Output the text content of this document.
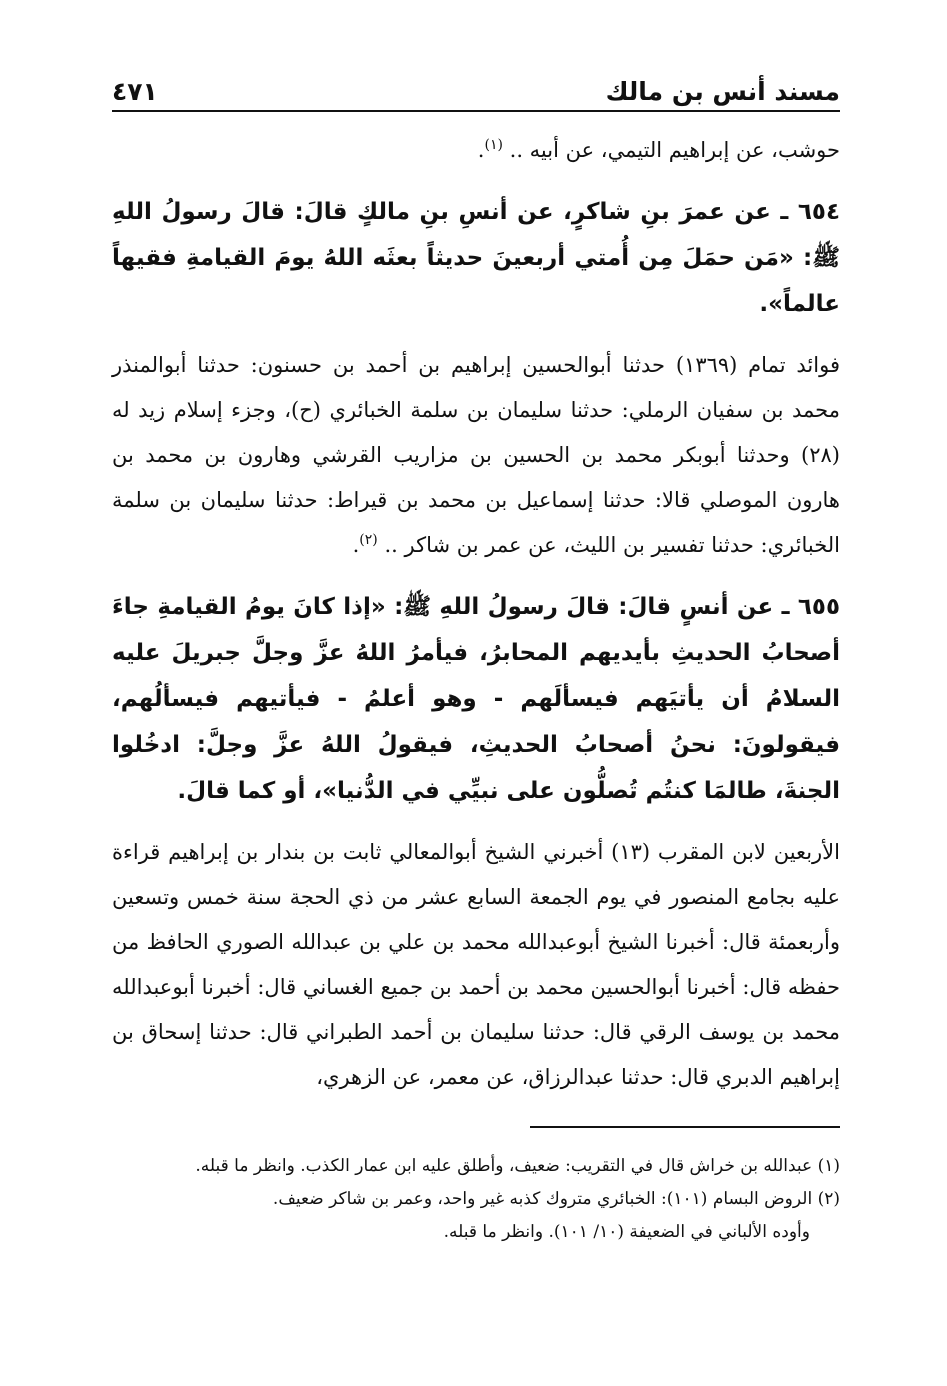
مسند أنس بن مالك
٤٧١

حوشب، عن إبراهيم التيمي، عن أبيه .. $^{(١)}$.

٦٥٤ ـ عن عمرَ بنِ شاكرٍ، عن أنسِ بنِ مالكٍ قالَ: قالَ رسولُ اللهِ ﷺ: «مَن حمَلَ مِن أُمتي أربعينَ حديثاً بعثَه اللهُ يومَ القيامةِ فقيهاً عالماً».

فوائد تمام (١٣٦٩) حدثنا أبوالحسين إبراهيم بن أحمد بن حسنون: حدثنا أبوالمنذر محمد بن سفيان الرملي: حدثنا سليمان بن سلمة الخبائري (ح)، وجزء إسلام زيد له (٢٨) وحدثنا أبوبكر محمد بن الحسين بن مزاريب القرشي وهارون بن محمد بن هارون الموصلي قالا: حدثنا إسماعيل بن محمد بن قيراط: حدثنا سليمان بن سلمة الخبائري: حدثنا تفسير بن الليث، عن عمر بن شاكر .. $^{(٢)}$.

٦٥٥ ـ عن أنسٍ قالَ: قالَ رسولُ اللهِ ﷺ: «إذا كانَ يومُ القيامةِ جاءَ أصحابُ الحديثِ بأيديهم المحابرُ، فيأمرُ اللهُ عزَّ وجلَّ جبريلَ عليه السلامُ أن يأتيَهم فيسألَهم - وهو أعلمُ - فيأتيهم فيسألُهم، فيقولونَ: نحنُ أصحابُ الحديثِ، فيقولُ اللهُ عزَّ وجلَّ: ادخُلوا الجنةَ، طالمَا كنتُم تُصلُّون على نبيِّي في الدُّنيا»، أو كما قالَ.

الأربعين لابن المقرب (١٣) أخبرني الشيخ أبوالمعالي ثابت بن بندار بن إبراهيم قراءة عليه بجامع المنصور في يوم الجمعة السابع عشر من ذي الحجة سنة خمس وتسعين وأربعمئة قال: أخبرنا الشيخ أبوعبدالله محمد بن علي بن عبدالله الصوري الحافظ من حفظه قال: أخبرنا أبوالحسين محمد بن أحمد بن جميع الغساني قال: أخبرنا أبوعبدالله محمد بن يوسف الرقي قال: حدثنا سليمان بن أحمد الطبراني قال: حدثنا إسحاق بن إبراهيم الدبري قال: حدثنا عبدالرزاق، عن معمر، عن الزهري،

(١) عبدالله بن خراش قال في التقريب: ضعيف، وأطلق عليه ابن عمار الكذب. وانظر ما قبله.

(٢) الروض البسام (١٠١): الخبائري متروك كذبه غير واحد، وعمر بن شاكر ضعيف.

وأوده الألباني في الضعيفة (١٠/ ١٠١). وانظر ما قبله.
